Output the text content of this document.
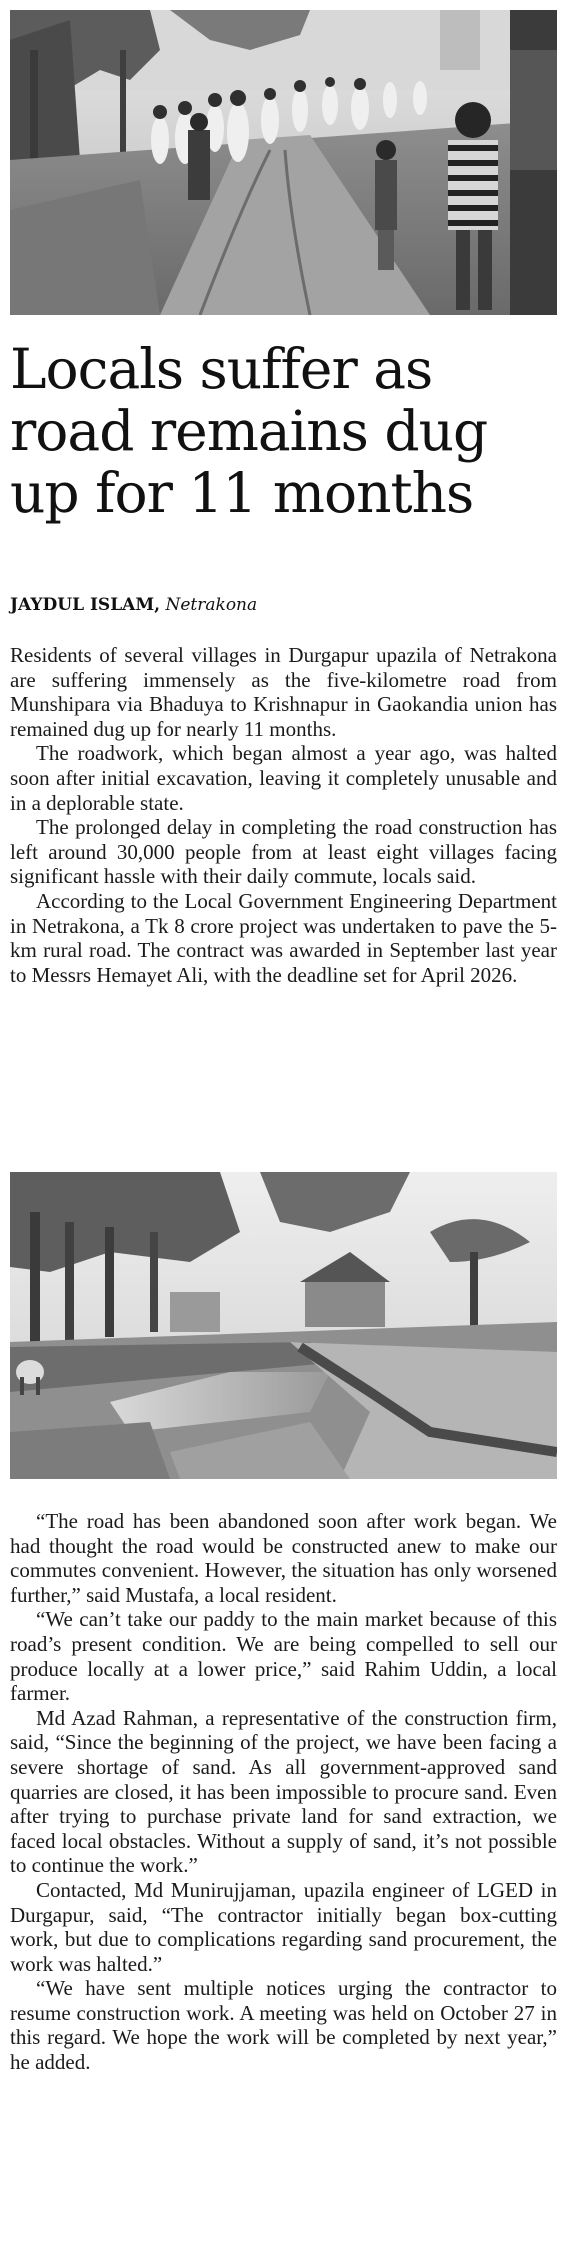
Locals suffer as
road remains dug
up for 11 months
JAYDUL ISLAM, Netrakona

Residents of several villages in Durgapur upazila of Netrakona are suffering immensely as the five-kilometre road from Munshipara via Bhaduya to Krishnapur in Gaokandia union has remained dug up for nearly 11 months.

The roadwork, which began almost a year ago, was halted soon after initial excavation, leaving it completely unusable and in a deplorable state.

The prolonged delay in completing the road construction has left around 30,000 people from at least eight villages facing significant hassle with their daily commute, locals said.

According to the Local Government Engineering Department in Netrakona, a Tk 8 crore project was undertaken to pave the 5-km rural road. The contract was awarded in September last year to Messrs Hemayet Ali, with the deadline set for April 2026.

“The road has been abandoned soon after work began. We had thought the road would be constructed anew to make our commutes convenient. However, the situation has only worsened further,” said Mustafa, a local resident.

“We can’t take our paddy to the main market because of this road’s present condition. We are being compelled to sell our produce locally at a lower price,” said Rahim Uddin, a local farmer.

Md Azad Rahman, a representative of the construction firm, said, “Since the beginning of the project, we have been facing a severe shortage of sand. As all government-approved sand quarries are closed, it has been impossible to procure sand. Even after trying to purchase private land for sand extraction, we faced local obstacles. Without a supply of sand, it’s not possible to continue the work.”

Contacted, Md Munirujjaman, upazila engineer of LGED in Durgapur, said, “The contractor initially began box-cutting work, but due to complications regarding sand procurement, the work was halted.”

“We have sent multiple notices urging the contractor to resume construction work. A meeting was held on October 27 in this regard. We hope the work will be completed by next year,” he added.
